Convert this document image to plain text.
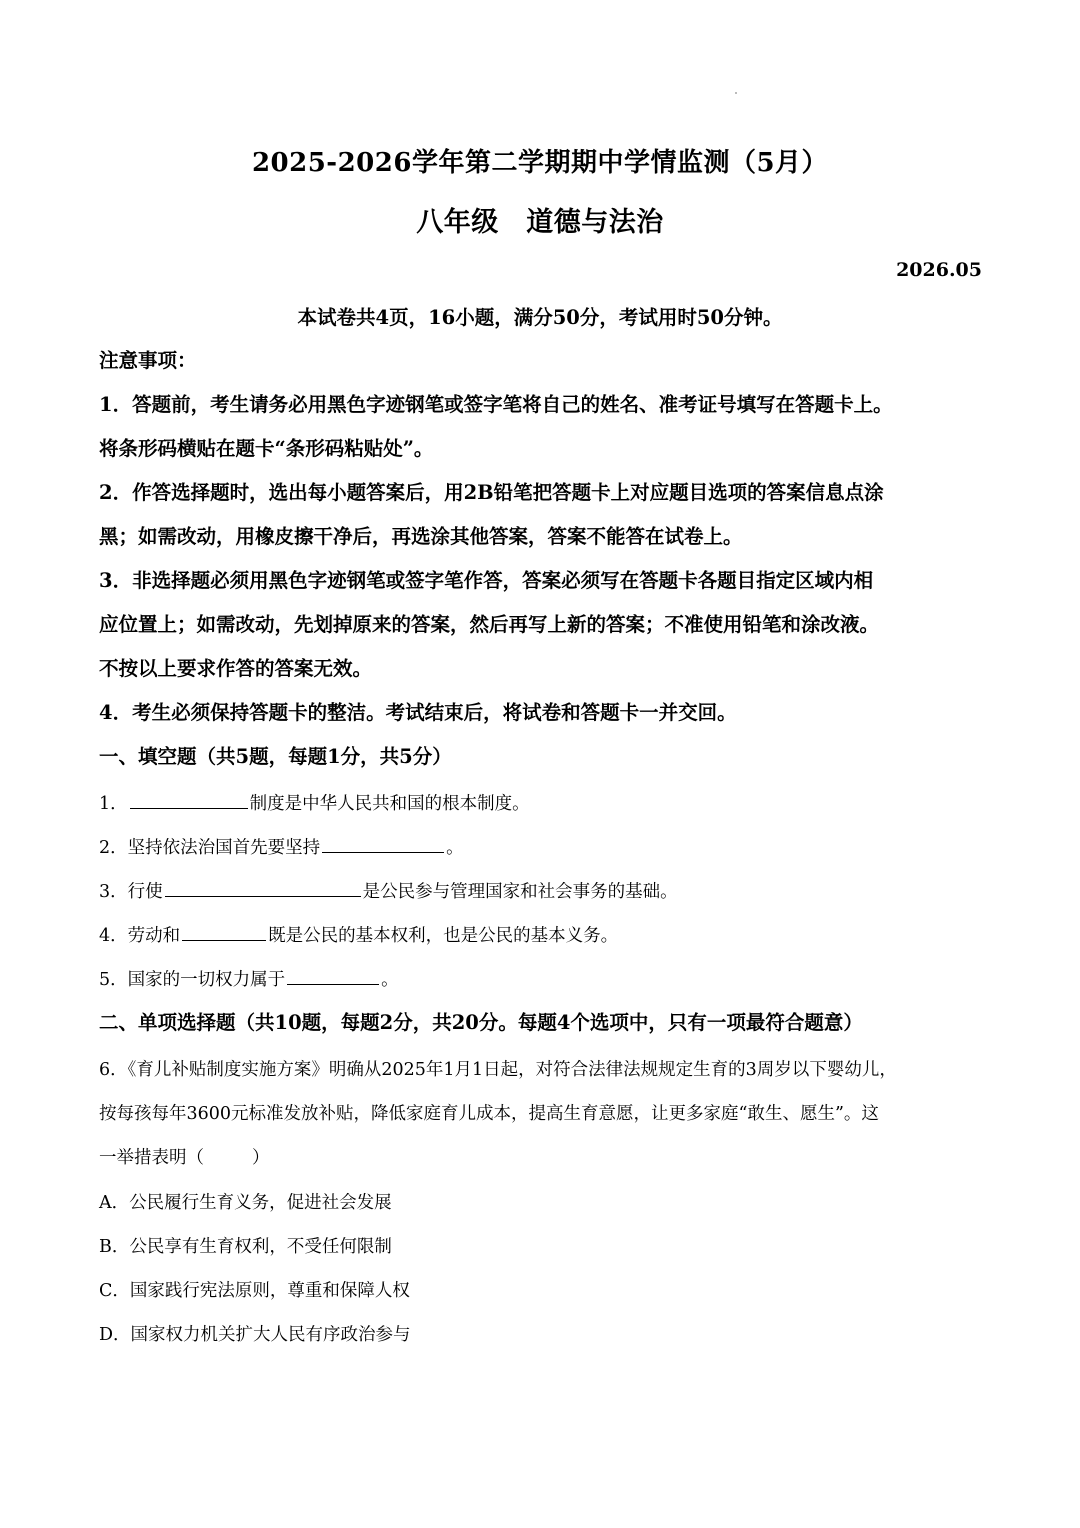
2025-2026学年第二学期期中学情监测（5月）
八年级　道德与法治
2026.05
本试卷共4页，16小题，满分50分，考试用时50分钟。
注意事项：
1．答题前，考生请务必用黑色字迹钢笔或签字笔将自己的姓名、准考证号填写在答题卡上。
将条形码横贴在题卡“条形码粘贴处”。
2．作答选择题时，选出每小题答案后，用2B铅笔把答题卡上对应题目选项的答案信息点涂
黑；如需改动，用橡皮擦干净后，再选涂其他答案，答案不能答在试卷上。
3．非选择题必须用黑色字迹钢笔或签字笔作答，答案必须写在答题卡各题目指定区域内相
应位置上；如需改动，先划掉原来的答案，然后再写上新的答案；不准使用铅笔和涂改液。
不按以上要求作答的答案无效。
4．考生必须保持答题卡的整洁。考试结束后，将试卷和答题卡一并交回。
一、填空题（共5题，每题1分，共5分）
1．	制度是中华人民共和国的根本制度。
2．坚持依法治国首先要坚持	。
3．行使	是公民参与管理国家和社会事务的基础。
4．劳动和	既是公民的基本权利，也是公民的基本义务。
5．国家的一切权力属于	。
二、单项选择题（共10题，每题2分，共20分。每题4个选项中，只有一项最符合题意）
6．《育儿补贴制度实施方案》明确从2025年1月1日起，对符合法律法规规定生育的3周岁以下婴幼儿，
按每孩每年3600元标准发放补贴，降低家庭育儿成本，提高生育意愿，让更多家庭“敢生、愿生”。这
一举措表明（	）
A．公民履行生育义务，促进社会发展
B．公民享有生育权利，不受任何限制
C．国家践行宪法原则，尊重和保障人权
D．国家权力机关扩大人民有序政治参与
